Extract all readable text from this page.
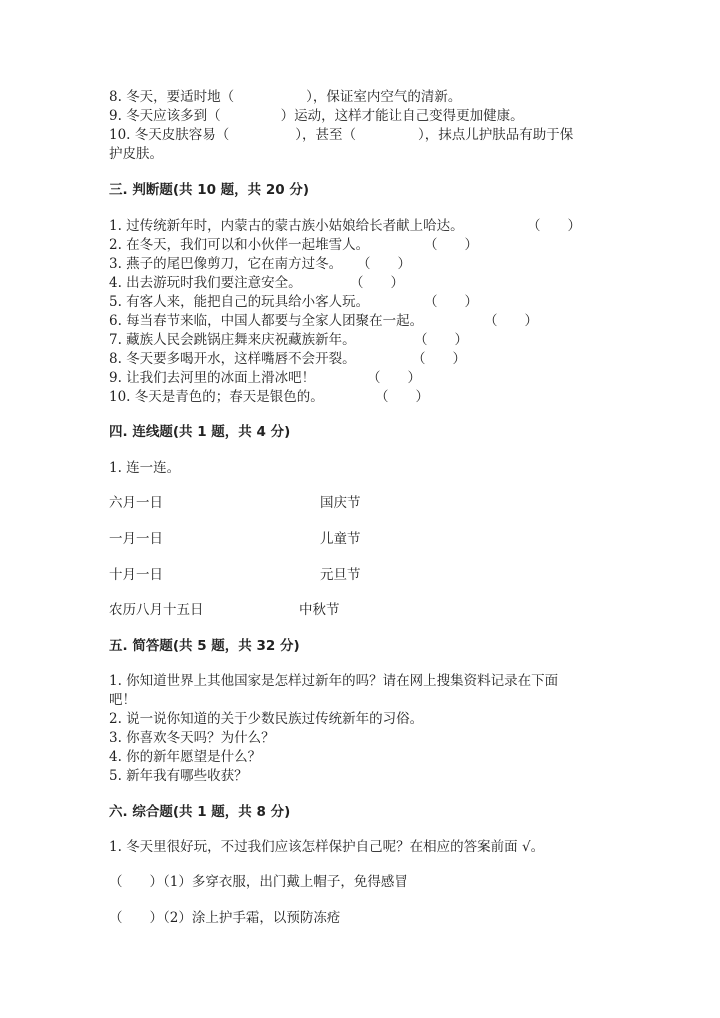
8. 冬天，要适时地（	），保证室内空气的清新。
9. 冬天应该多到（	）运动，这样才能让自己变得更加健康。
10. 冬天皮肤容易（	），甚至（	），抹点儿护肤品有助于保
护皮肤。
三. 判断题(共 10 题，共 20 分)
1. 过传统新年时，内蒙古的蒙古族小姑娘给长者献上哈达。	（　　）
2. 在冬天，我们可以和小伙伴一起堆雪人。	（　　）
3. 燕子的尾巴像剪刀，它在南方过冬。 （　　）
4. 出去游玩时我们要注意安全。	（　　）
5. 有客人来，能把自己的玩具给小客人玩。	（　　）
6. 每当春节来临，中国人都要与全家人团聚在一起。	（　　）
7. 藏族人民会跳锅庄舞来庆祝藏族新年。	（　　）
8. 冬天要多喝开水，这样嘴唇不会开裂。	（　　）
9. 让我们去河里的冰面上滑冰吧！	（　　）
10. 冬天是青色的；春天是银色的。	（　　）
四. 连线题(共 1 题，共 4 分)
1. 连一连。
六月一日	国庆节
一月一日	儿童节
十月一日	元旦节
农历八月十五日	中秋节
五. 简答题(共 5 题，共 32 分)
1. 你知道世界上其他国家是怎样过新年的吗？请在网上搜集资料记录在下面
吧！
2. 说一说你知道的关于少数民族过传统新年的习俗。
3. 你喜欢冬天吗？为什么？
4. 你的新年愿望是什么？
5. 新年我有哪些收获？
六. 综合题(共 1 题，共 8 分)
1. 冬天里很好玩，不过我们应该怎样保护自己呢？在相应的答案前面 √。
（　　）（1）多穿衣服，出门戴上帽子，免得感冒
（　　）（2）涂上护手霜，以预防冻疮
